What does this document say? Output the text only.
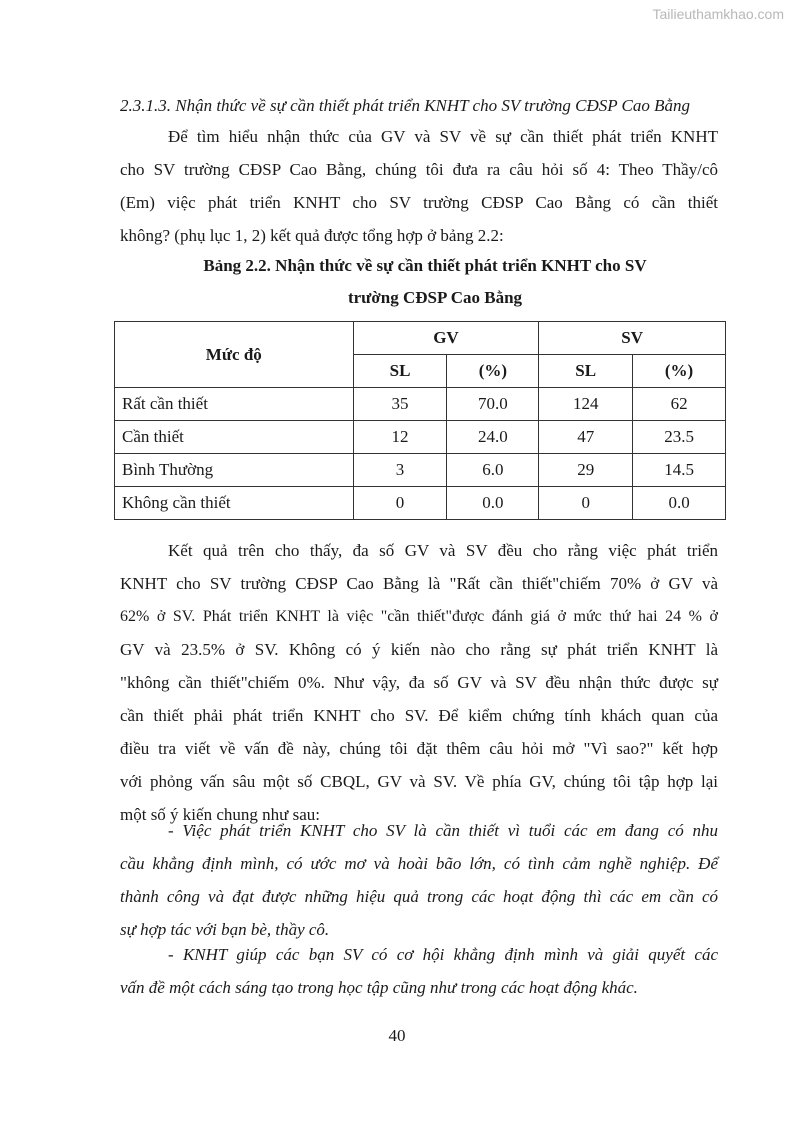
Tailieuthamkhao.com
2.3.1.3. Nhận thức về sự cần thiết phát triển KNHT cho SV trường CĐSP Cao Bằng
Để tìm hiểu nhận thức của GV và SV về sự cần thiết phát triển KNHT
cho SV trường CĐSP Cao Bằng, chúng tôi đưa ra câu hỏi số 4: Theo Thầy/cô
(Em) việc phát triển KNHT cho SV trường CĐSP Cao Bằng có cần thiết
không? (phụ lục 1, 2) kết quả được tổng hợp ở bảng 2.2:
Bảng 2.2. Nhận thức về sự cần thiết phát triển KNHT cho SV
trường CĐSP Cao Bằng
Mức độ	GV		SV	
	SL	(%)	SL	(%)
Rất cần thiết	35	70.0	124	62
Cần thiết	12	24.0	47	23.5
Bình Thường	3	6.0	29	14.5
Không cần thiết	0	0.0	0	0.0
Kết quả trên cho thấy, đa số GV và SV đều cho rằng việc phát triển
KNHT cho SV trường CĐSP Cao Bằng là "Rất cần thiết"chiếm 70% ở GV và
62% ở SV. Phát triển KNHT là việc "cần thiết"được đánh giá ở mức thứ hai 24 % ở
GV và 23.5% ở SV. Không có ý kiến nào cho rằng sự phát triển KNHT là
"không cần thiết"chiếm 0%. Như vậy, đa số GV và SV đều nhận thức được sự
cần thiết phải phát triển KNHT cho SV. Để kiểm chứng tính khách quan của
điều tra viết về vấn đề này, chúng tôi đặt thêm câu hỏi mở "Vì sao?" kết hợp
với phỏng vấn sâu một số CBQL, GV và SV. Về phía GV, chúng tôi tập hợp lại
một số ý kiến chung như sau:
- Việc phát triển KNHT cho SV là cần thiết vì tuổi các em đang có nhu
cầu khẳng định mình, có ước mơ và hoài bão lớn, có tình cảm nghề nghiệp. Để
thành công và đạt được những hiệu quả trong các hoạt động thì các em cần có
sự hợp tác với bạn bè, thầy cô.
- KNHT giúp các bạn SV có cơ hội khẳng định mình và giải quyết các
vấn đề một cách sáng tạo trong học tập cũng như trong các hoạt động khác.
40
